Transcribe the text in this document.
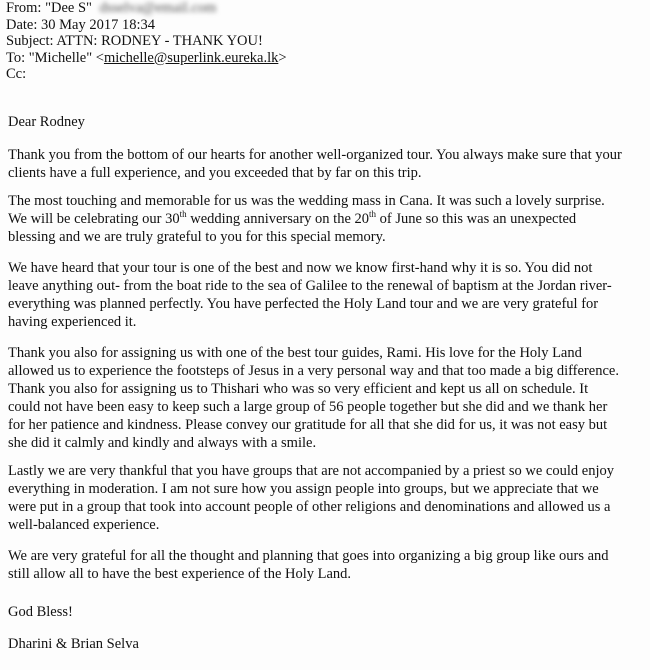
From: "Dee S" dsselva@email.com
Date: 30 May 2017 18:34
Subject: ATTN: RODNEY - THANK YOU!
To: "Michelle" <michelle@superlink.eureka.lk>
Cc:
Dear Rodney

Thank you from the bottom of our hearts for another well-organized tour. You always make sure that your clients have a full experience, and you exceeded that by far on this trip.

The most touching and memorable for us was the wedding mass in Cana. It was such a lovely surprise. We will be celebrating our 30th wedding anniversary on the 20th of June so this was an unexpected blessing and we are truly grateful to you for this special memory.

We have heard that your tour is one of the best and now we know first-hand why it is so. You did not leave anything out- from the boat ride to the sea of Galilee to the renewal of baptism at the Jordan river- everything was planned perfectly. You have perfected the Holy Land tour and we are very grateful for having experienced it.

Thank you also for assigning us with one of the best tour guides, Rami. His love for the Holy Land allowed us to experience the footsteps of Jesus in a very personal way and that too made a big difference. Thank you also for assigning us to Thishari who was so very efficient and kept us all on schedule. It could not have been easy to keep such a large group of 56 people together but she did and we thank her for her patience and kindness. Please convey our gratitude for all that she did for us, it was not easy but she did it calmly and kindly and always with a smile.

Lastly we are very thankful that you have groups that are not accompanied by a priest so we could enjoy everything in moderation. I am not sure how you assign people into groups, but we appreciate that we were put in a group that took into account people of other religions and denominations and allowed us a well-balanced experience.

We are very grateful for all the thought and planning that goes into organizing a big group like ours and still allow all to have the best experience of the Holy Land.

God Bless!
Dharini & Brian Selva
